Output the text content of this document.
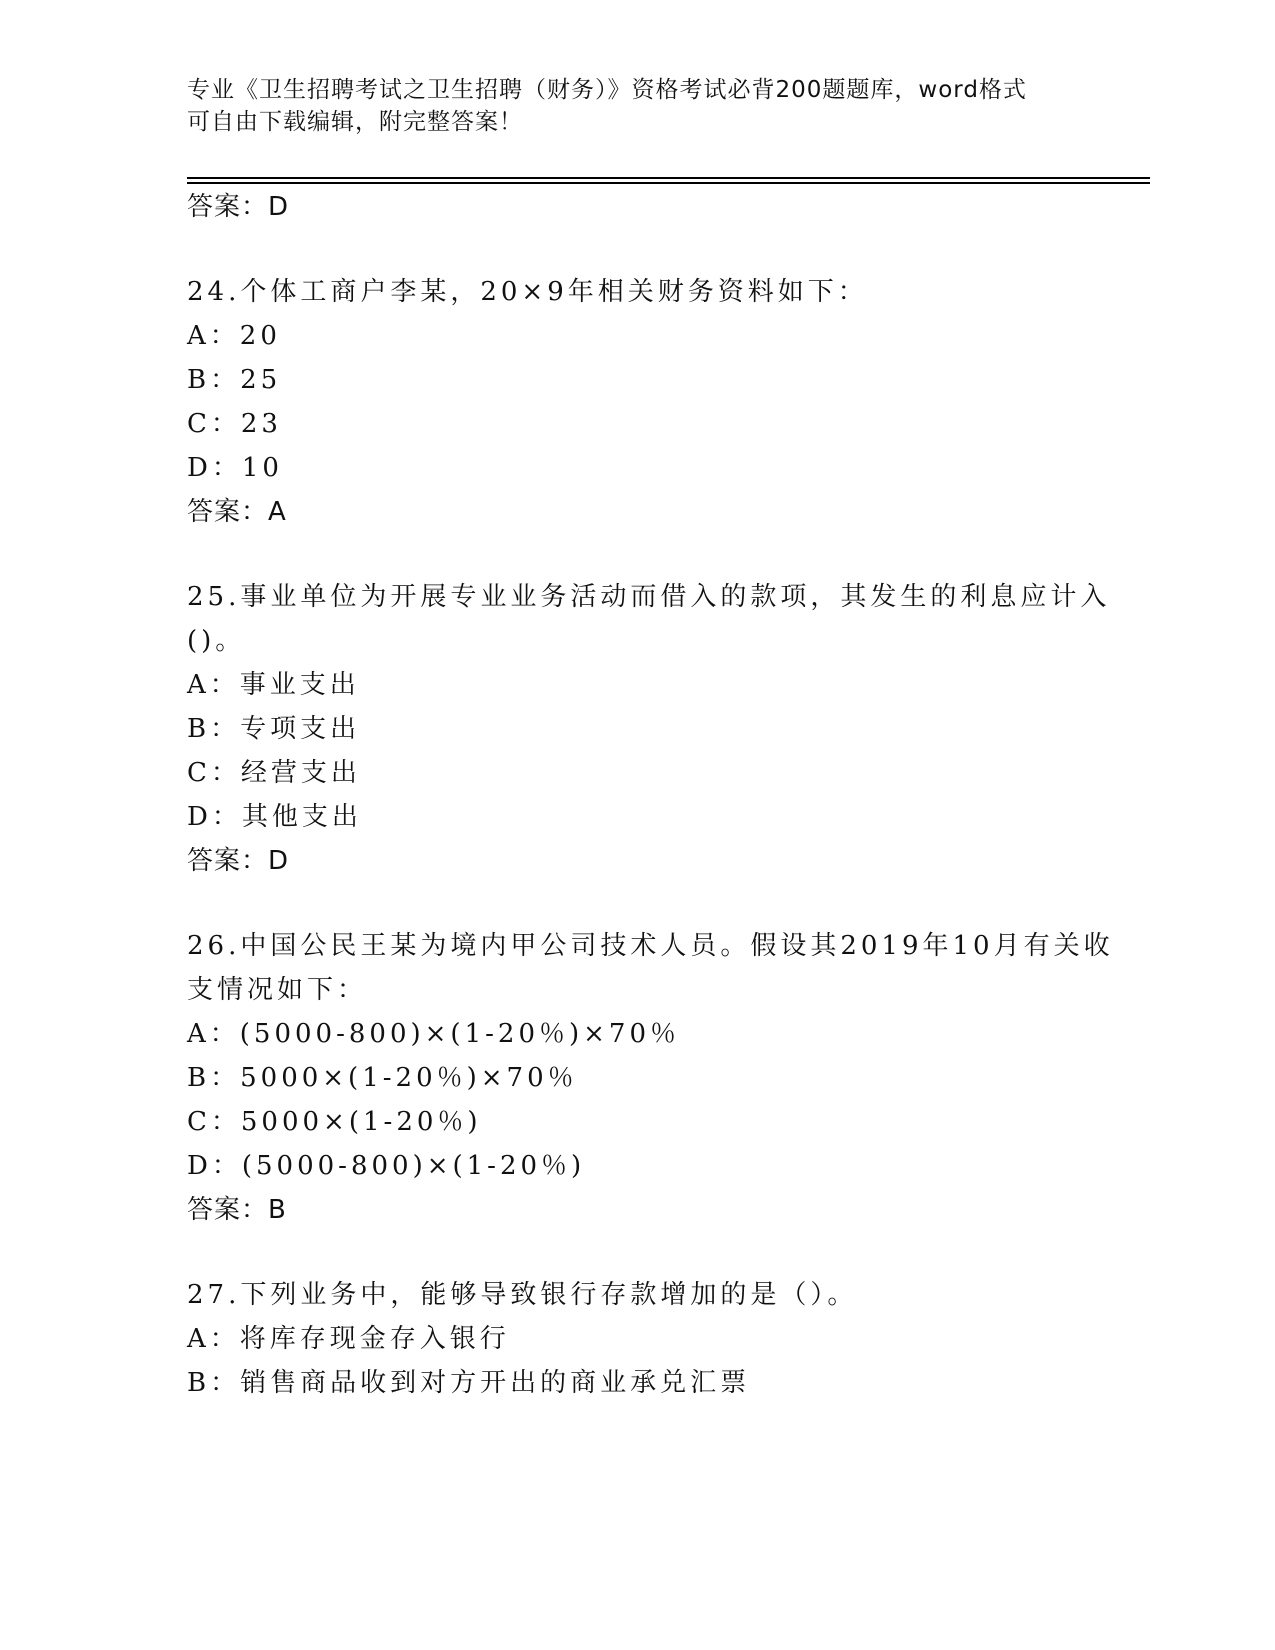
专业《卫生招聘考试之卫生招聘（财务）》资格考试必背200题题库，word格式
可自由下载编辑，附完整答案！
答案：D
24.个体工商户李某，20×9年相关财务资料如下：
A：20
B：25
C：23
D：10
答案：A
25.事业单位为开展专业业务活动而借入的款项，其发生的利息应计入
()。
A：事业支出
B：专项支出
C：经营支出
D：其他支出
答案：D
26.中国公民王某为境内甲公司技术人员。假设其2019年10月有关收
支情况如下：
A：(5000-800)×(1-20％)×70％
B：5000×(1-20％)×70％
C：5000×(1-20％)
D：(5000-800)×(1-20％)
答案：B
27.下列业务中，能够导致银行存款增加的是（）。
A：将库存现金存入银行
B：销售商品收到对方开出的商业承兑汇票
